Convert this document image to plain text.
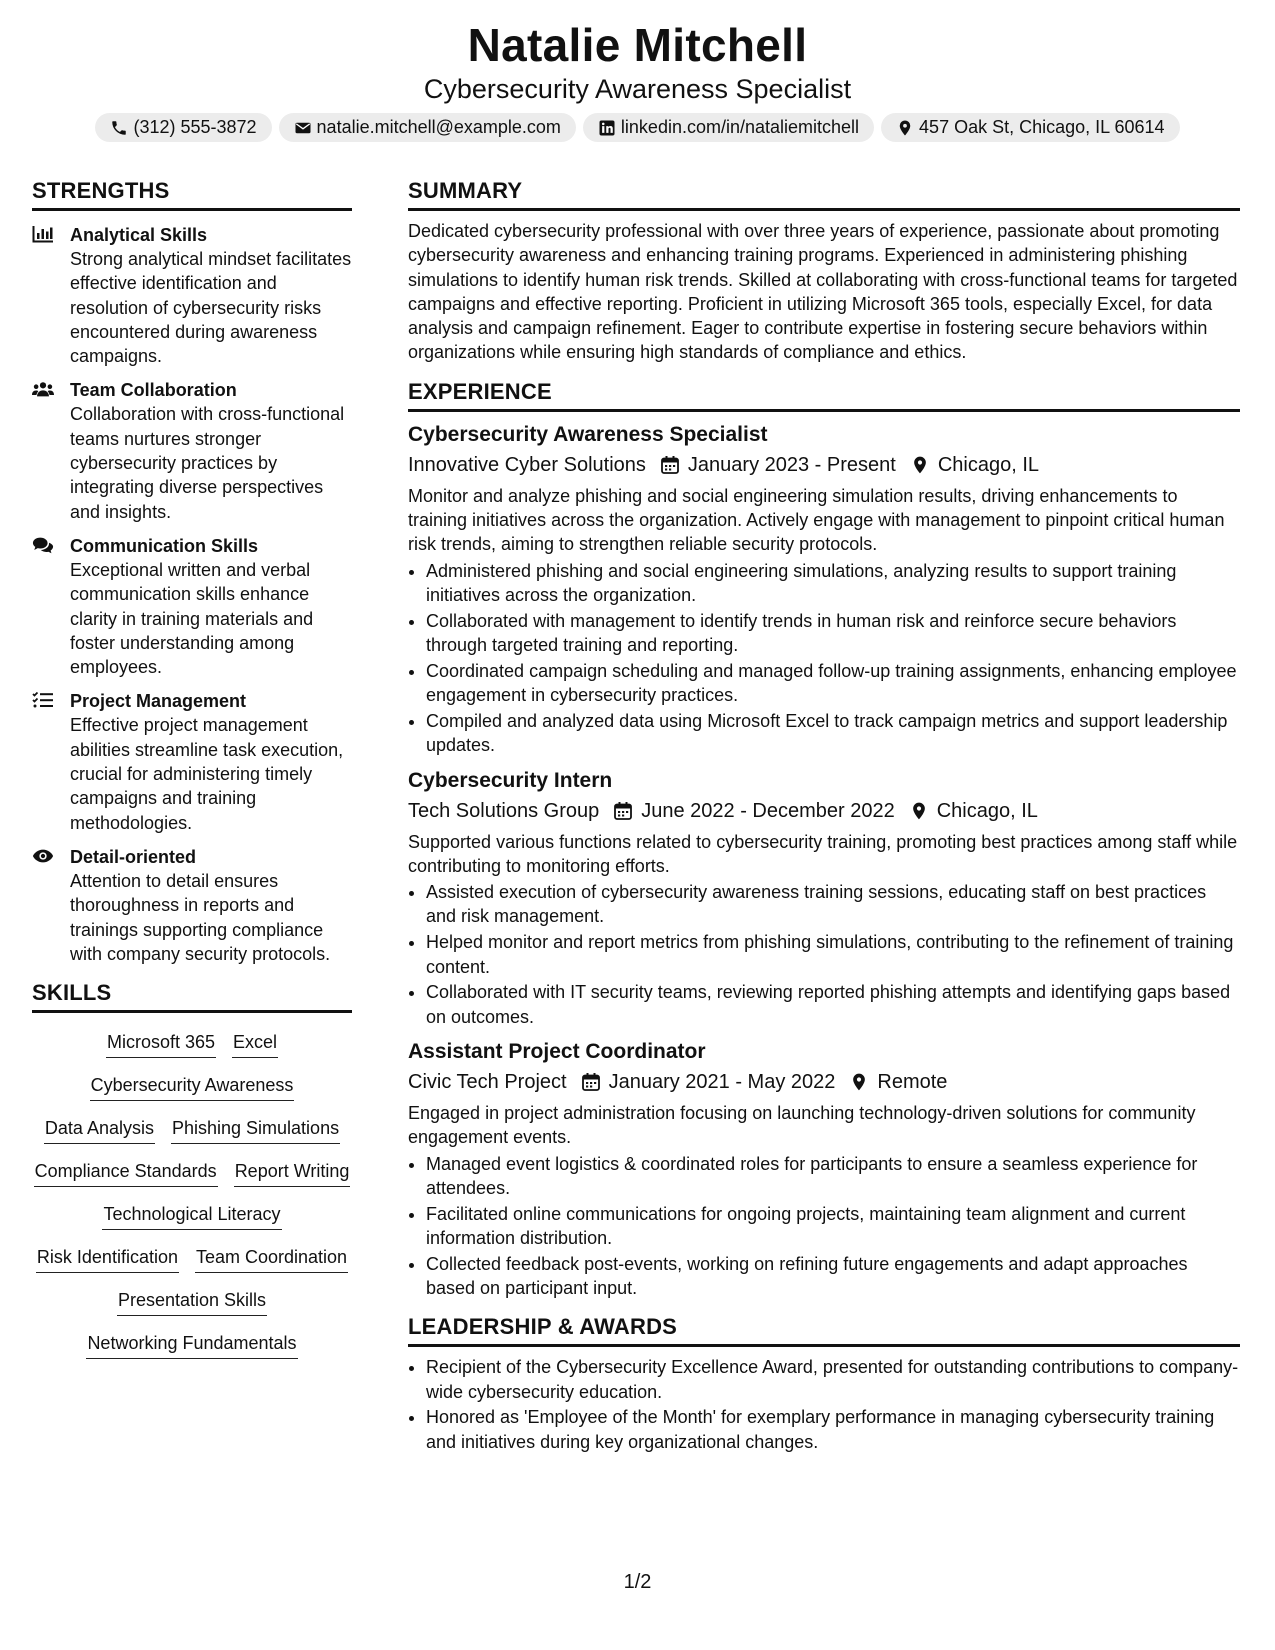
Natalie Mitchell
Cybersecurity Awareness Specialist
(312) 555-3872	natalie.mitchell@example.com	linkedin.com/in/nataliemitchell	457 Oak St, Chicago, IL 60614
STRENGTHS
Analytical Skills
Strong analytical mindset facilitates effective identification and resolution of cybersecurity risks encountered during awareness campaigns.
Team Collaboration
Collaboration with cross-functional teams nurtures stronger cybersecurity practices by integrating diverse perspectives and insights.
Communication Skills
Exceptional written and verbal communication skills enhance clarity in training materials and foster understanding among employees.
Project Management
Effective project management abilities streamline task execution, crucial for administering timely campaigns and training methodologies.
Detail-oriented
Attention to detail ensures thoroughness in reports and trainings supporting compliance with company security protocols.
SKILLS
Microsoft 365 Excel
Cybersecurity Awareness
Data Analysis Phishing Simulations
Compliance Standards Report Writing
Technological Literacy
Risk Identification Team Coordination
Presentation Skills
Networking Fundamentals
SUMMARY

Dedicated cybersecurity professional with over three years of experience, passionate about promoting cybersecurity awareness and enhancing training programs. Experienced in administering phishing simulations to identify human risk trends. Skilled at collaborating with cross-functional teams for targeted campaigns and effective reporting. Proficient in utilizing Microsoft 365 tools, especially Excel, for data analysis and campaign refinement. Eager to contribute expertise in fostering secure behaviors within organizations while ensuring high standards of compliance and ethics.

EXPERIENCE
Cybersecurity Awareness Specialist
Innovative Cyber Solutions January 2023 - Present Chicago, IL

Monitor and analyze phishing and social engineering simulation results, driving enhancements to training initiatives across the organization. Actively engage with management to pinpoint critical human risk trends, aiming to strengthen reliable security protocols.

• Administered phishing and social engineering simulations, analyzing results to support training initiatives across the organization.
• Collaborated with management to identify trends in human risk and reinforce secure behaviors through targeted training and reporting.
• Coordinated campaign scheduling and managed follow-up training assignments, enhancing employee engagement in cybersecurity practices.
• Compiled and analyzed data using Microsoft Excel to track campaign metrics and support leadership updates.
Cybersecurity Intern
Tech Solutions Group June 2022 - December 2022 Chicago, IL

Supported various functions related to cybersecurity training, promoting best practices among staff while contributing to monitoring efforts.

• Assisted execution of cybersecurity awareness training sessions, educating staff on best practices and risk management.
• Helped monitor and report metrics from phishing simulations, contributing to the refinement of training content.
• Collaborated with IT security teams, reviewing reported phishing attempts and identifying gaps based on outcomes.
Assistant Project Coordinator
Civic Tech Project January 2021 - May 2022 Remote

Engaged in project administration focusing on launching technology-driven solutions for community engagement events.

• Managed event logistics & coordinated roles for participants to ensure a seamless experience for attendees.
• Facilitated online communications for ongoing projects, maintaining team alignment and current information distribution.
• Collected feedback post-events, working on refining future engagements and adapt approaches based on participant input.
LEADERSHIP & AWARDS
• Recipient of the Cybersecurity Excellence Award, presented for outstanding contributions to company-wide cybersecurity education.
• Honored as 'Employee of the Month' for exemplary performance in managing cybersecurity training and initiatives during key organizational changes.
1/2
